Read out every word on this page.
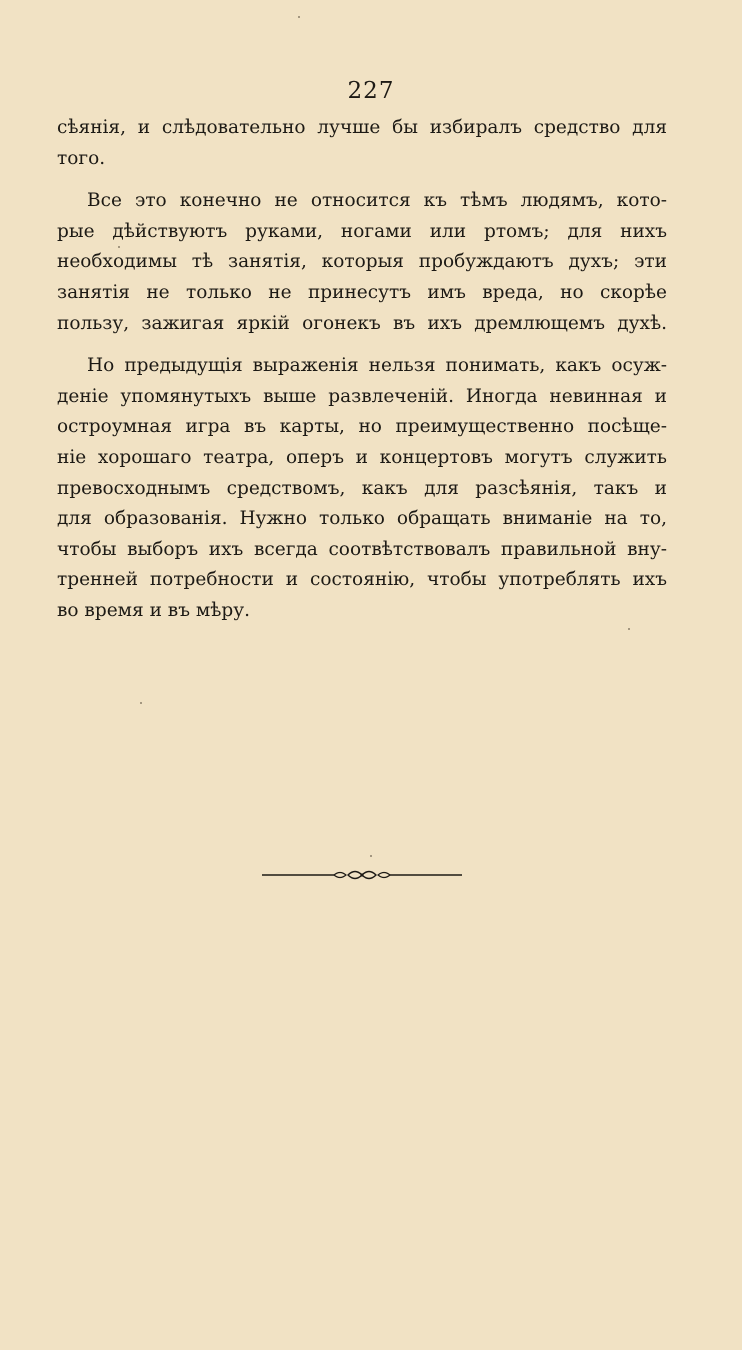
227
сѣянія, и слѣдовательно лучше бы избиралъ средство для
того.
Все это конечно не относится къ тѣмъ людямъ, кото-
рые дѣйствуютъ руками, ногами или ртомъ; для нихъ
необходимы тѣ занятія, которыя пробуждаютъ духъ; эти
занятія не только не принесутъ имъ вреда, но скорѣе
пользу, зажигая яркій огонекъ въ ихъ дремлющемъ духѣ.
Но предыдущія выраженія нельзя понимать, какъ осуж-
деніе упомянутыхъ выше развлеченій. Иногда невинная и
остроумная игра въ карты, но преимущественно посѣще-
ніе хорошаго театра, оперъ и концертовъ могутъ служить
превосходнымъ средствомъ, какъ для разсѣянія, такъ и
для образованія. Нужно только обращать вниманіе на то,
чтобы выборъ ихъ всегда соотвѣтствовалъ правильной вну-
тренней потребности и состоянію, чтобы употреблять ихъ
во время и въ мѣру.
